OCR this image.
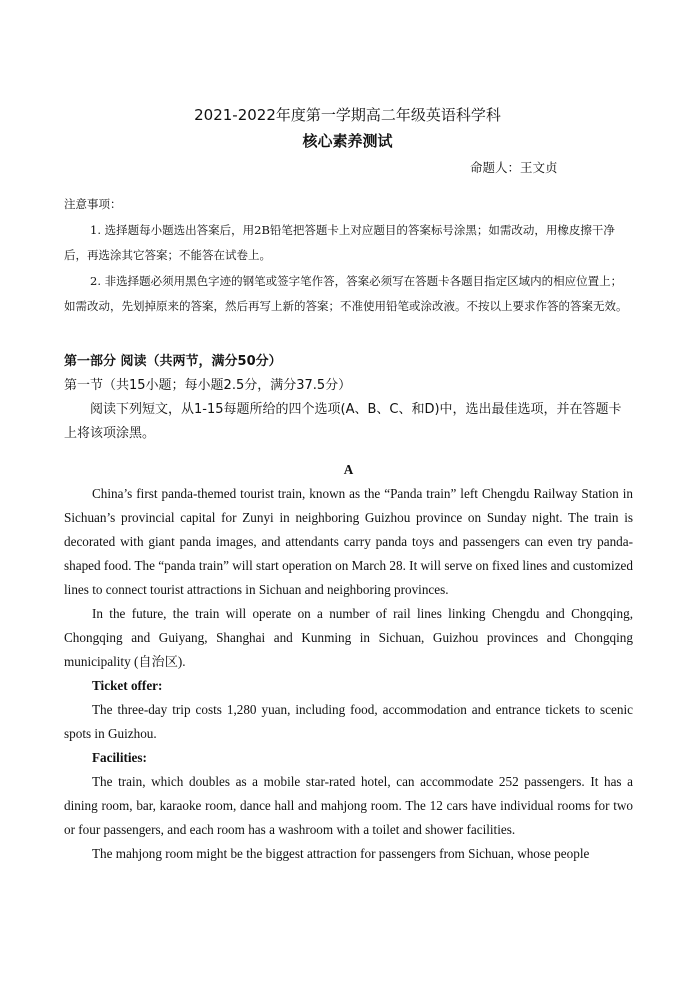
2021-2022年度第一学期高二年级英语科学科
核心素养测试
命题人：王文贞

注意事项：

1. 选择题每小题选出答案后，用2B铅笔把答题卡上对应题目的答案标号涂黑；如需改动，用橡皮擦干净后，再选涂其它答案；不能答在试卷上。

2. 非选择题必须用黑色字迹的钢笔或签字笔作答，答案必须写在答题卡各题目指定区域内的相应位置上；如需改动，先划掉原来的答案，然后再写上新的答案；不准使用铅笔或涂改液。不按以上要求作答的答案无效。

第一部分 阅读（共两节，满分50分）

第一节（共15小题；每小题2.5分，满分37.5分）

阅读下列短文，从1-15每题所给的四个选项(A、B、C、和D)中，选出最佳选项，并在答题卡上将该项涂黑。

A

China’s first panda-themed tourist train, known as the “Panda train” left Chengdu Railway Station in Sichuan’s provincial capital for Zunyi in neighboring Guizhou province on Sunday night. The train is decorated with giant panda images, and attendants carry panda toys and passengers can even try panda-shaped food. The “panda train” will start operation on March 28. It will serve on fixed lines and customized lines to connect tourist attractions in Sichuan and neighboring provinces.

In the future, the train will operate on a number of rail lines linking Chengdu and Chongqing, Chongqing and Guiyang, Shanghai and Kunming in Sichuan, Guizhou provinces and Chongqing municipality (自治区).

Ticket offer:

The three-day trip costs 1,280 yuan, including food, accommodation and entrance tickets to scenic spots in Guizhou.

Facilities:

The train, which doubles as a mobile star-rated hotel, can accommodate 252 passengers. It has a dining room, bar, karaoke room, dance hall and mahjong room. The 12 cars have individual rooms for two or four passengers, and each room has a washroom with a toilet and shower facilities.

The mahjong room might be the biggest attraction for passengers from Sichuan, whose people
